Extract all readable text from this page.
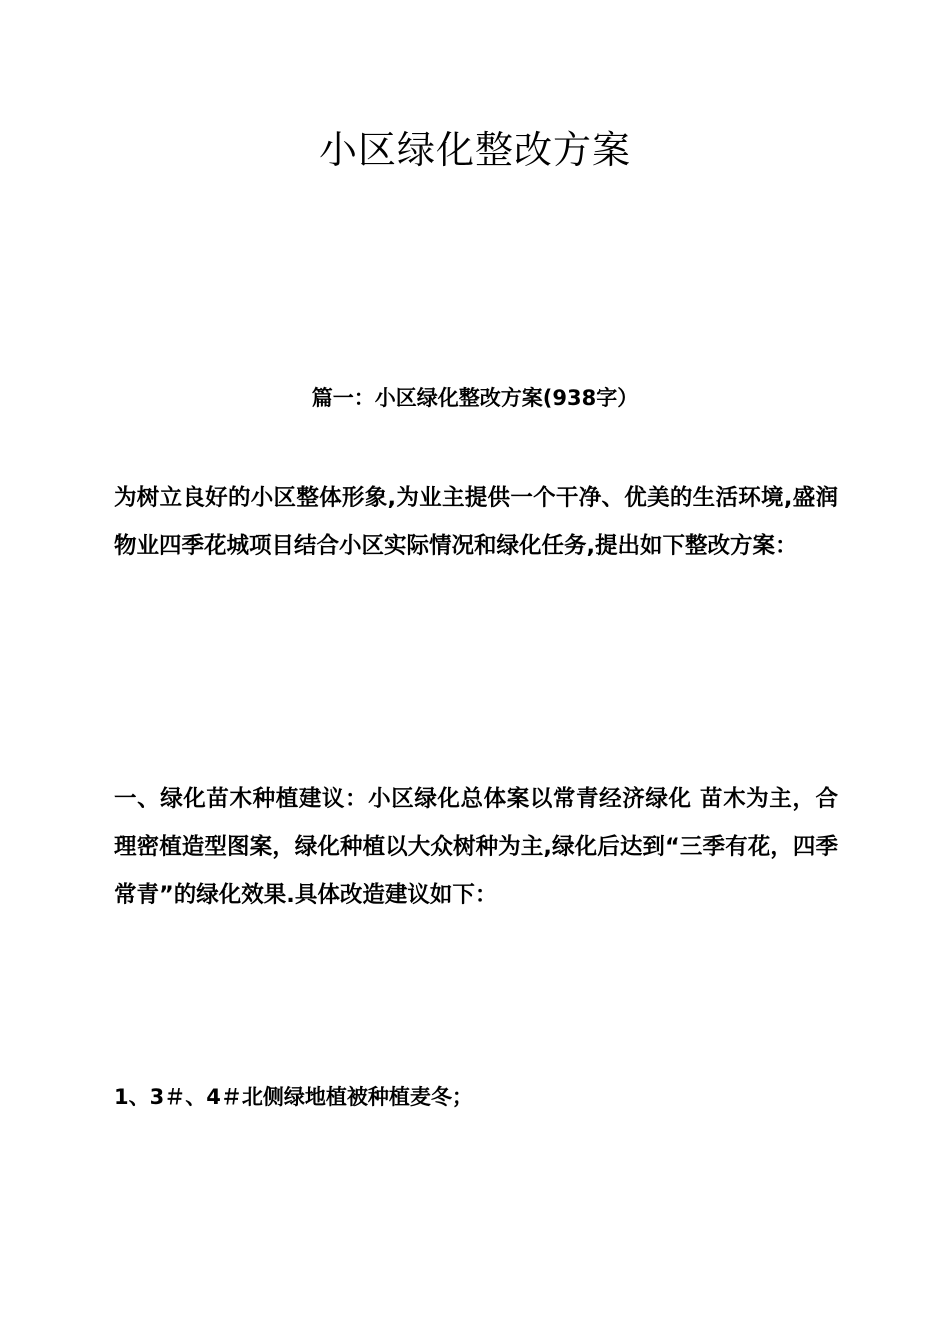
小区绿化整改方案
篇一：小区绿化整改方案(938字）
为树立良好的小区整体形象,为业主提供一个干净、优美的生活环境,盛润物业四季花城项目结合小区实际情况和绿化任务,提出如下整改方案：
一、绿化苗木种植建议：小区绿化总体案以常青经济绿化 苗木为主，合理密植造型图案，绿化种植以大众树种为主,绿化后达到“三季有花，四季常青”的绿化效果.具体改造建议如下：
1、3＃、4＃北侧绿地植被种植麦冬；
